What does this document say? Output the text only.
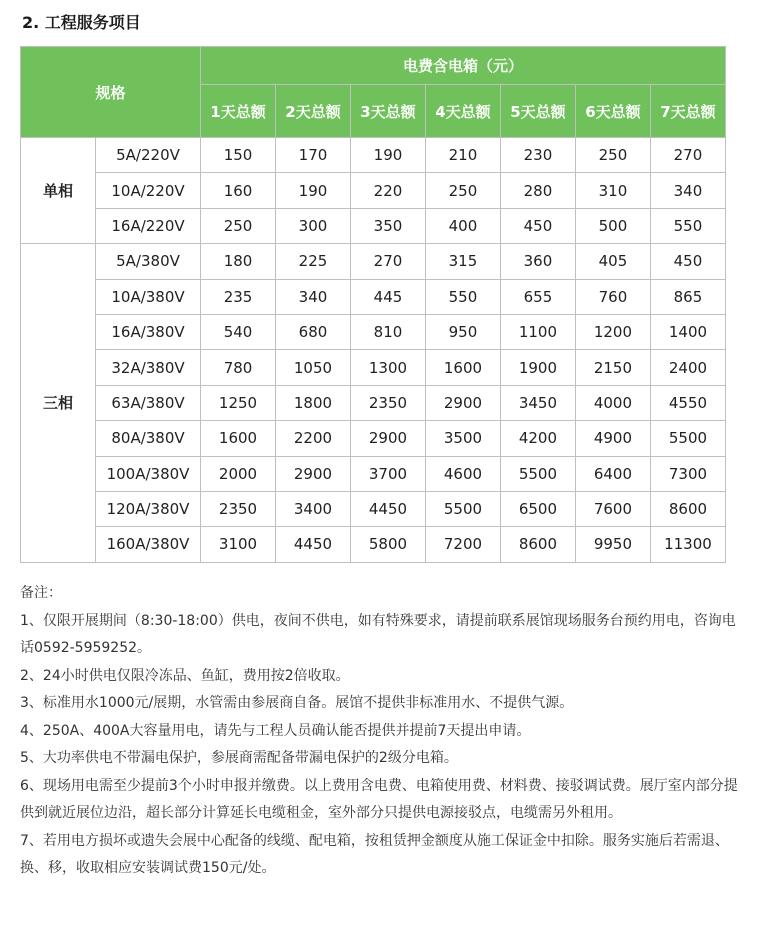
2. 工程服务项目
规格		电费含电箱（元）						
		1天总额	2天总额	3天总额	4天总额	5天总额	6天总额	7天总额
单相	5A/220V	150	170	190	210	230	250	270
	10A/220V	160	190	220	250	280	310	340
	16A/220V	250	300	350	400	450	500	550
三相	5A/380V	180	225	270	315	360	405	450
	10A/380V	235	340	445	550	655	760	865
	16A/380V	540	680	810	950	1100	1200	1400
	32A/380V	780	1050	1300	1600	1900	2150	2400
	63A/380V	1250	1800	2350	2900	3450	4000	4550
	80A/380V	1600	2200	2900	3500	4200	4900	5500
	100A/380V	2000	2900	3700	4600	5500	6400	7300
	120A/380V	2350	3400	4450	5500	6500	7600	8600
	160A/380V	3100	4450	5800	7200	8600	9950	11300

备注：

1、仅限开展期间（8:30-18:00）供电，夜间不供电，如有特殊要求，请提前联系展馆现场服务台预约用电，咨询电话0592-5959252。

2、24小时供电仅限冷冻品、鱼缸，费用按2倍收取。

3、标准用水1000元/展期，水管需由参展商自备。展馆不提供非标准用水、不提供气源。

4、250A、400A大容量用电，请先与工程人员确认能否提供并提前7天提出申请。

5、大功率供电不带漏电保护，参展商需配备带漏电保护的2级分电箱。

6、现场用电需至少提前3个小时申报并缴费。以上费用含电费、电箱使用费、材料费、接驳调试费。展厅室内部分提供到就近展位边沿，超长部分计算延长电缆租金，室外部分只提供电源接驳点，电缆需另外租用。

7、若用电方损坏或遗失会展中心配备的线缆、配电箱，按租赁押金额度从施工保证金中扣除。服务实施后若需退、换、移，收取相应安装调试费150元/处。
